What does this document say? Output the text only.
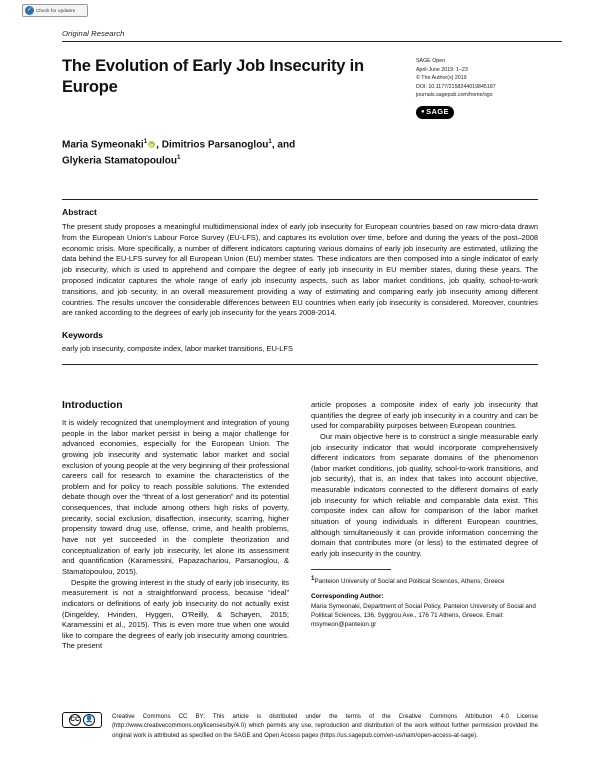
✓ Check for updates
Original Research
The Evolution of Early Job Insecurity in Europe
SAGE Open
April-June 2019: 1–23
© The Author(s) 2019
DOI: 10.1177/2158244019845187
journals.sagepub.com/home/sgo
● SAGE
Maria Symeonaki$^1$ iD , Dimitrios Parsanoglou$^1$, and
Glykeria Stamatopoulou$^1$
Abstract

The present study proposes a meaningful multidimensional index of early job insecurity for European countries based on raw micro-data drawn from the European Union's Labour Force Survey (EU-LFS), and captures its evolution over time, before and during the years of the post–2008 economic crisis. More specifically, a number of different indicators capturing various domains of early job insecurity are estimated, utilizing the data behind the EU-LFS survey for all European Union (EU) member states. These indicators are then composed into a single indicator of early job insecurity, which is used to apprehend and compare the degree of early job insecurity in EU member states, during these years. The proposed indicator captures the whole range of early job insecurity aspects, such as labor market conditions, job quality, school-to-work transitions, and job security, in an overall measurement providing a way of estimating and comparing early job insecurity among different countries. The results uncover the considerable differences between EU countries when early job insecurity is considered. Moreover, countries are ranked according to the degrees of early job insecurity for the years 2008-2014.

Keywords
early job insecurity, composite index, labor market transitions, EU-LFS
Introduction

It is widely recognized that unemployment and integration of young people in the labor market persist in being a major challenge for advanced economies, especially for the European Union. The growing job insecurity and systematic labor market and social exclusion of young people at the very beginning of their professional careers call for research to examine the characteristics of the problem and for policy to reach possible solutions. The extended debate though over the “threat of a lost generation” and its potential consequences, that include among others high risks of poverty, precarity, social exclusion, disaffection, insecurity, scarring, higher propensity toward drug use, offense, crime, and health problems, have not yet succeeded in the complete theorization and conceptualization of early job insecurity, let alone its assessment and quantification (Karamessini, Papazachariou, Parsanoglou, & Stamatopoulou, 2015).

Despite the growing interest in the study of early job insecurity, its measurement is not a straightforward process, because “ideal” indicators or definitions of early job insecurity do not actually exist (Dingeldey, Hvinden, Hyggen, O'Reilly, & Schøyen, 2015; Karamessini et al., 2015). This is even more true when one would like to compare the degrees of early job insecurity among countries. The present

article proposes a composite index of early job insecurity that quantifies the degree of early job insecurity in a country and can be used for comparability purposes between European countries.

Our main objective here is to construct a single measurable early job insecurity indicator that would incorporate comprehensively different indicators from separate domains of the phenomenon (labor market conditions, job quality, school-to-work transitions, and job security), that is, an index that takes into account objective, measurable indicators connected to the different domains of early job insecurity for which reliable and comparable data exist. This composite index can allow for comparison of the labor market situation of young individuals in different European countries, although simultaneously it can provide information concerning the domain that contributes more (or less) to the estimated degree of early job insecurity in the country.

$^1$Panteion University of Social and Political Sciences, Athens, Greece

Corresponding Author:
Maria Symeonaki, Department of Social Policy, Panteion University of Social and Political Sciences, 136, Syggrou Ave., 176 71 Athens, Greece. Email: msymeon@panteion.gr
CC 👤	Creative Commons CC BY: This article is distributed under the terms of the Creative Commons Attribution 4.0 License (http://www.creativecommons.org/licenses/by/4.0) which permits any use, reproduction and distribution of the work without further permission provided the original work is attributed as specified on the SAGE and Open Access pages (https://us.sagepub.com/en-us/nam/open-access-at-sage).
